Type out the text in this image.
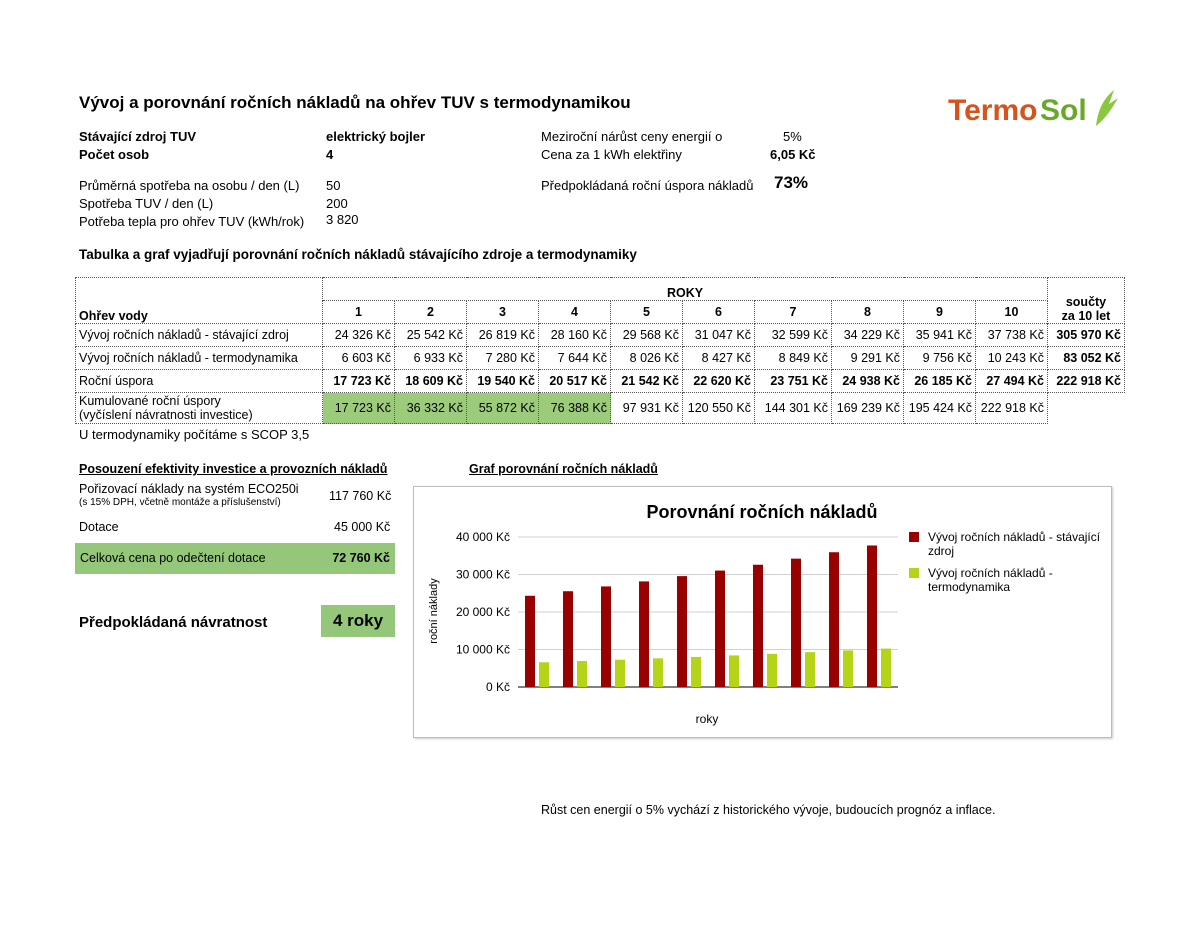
Vývoj a porovnání ročních nákladů na ohřev TUV s termodynamikou	Termo Sol
Stávající zdroj TUV	elektrický bojler
Počet osob	4
Průměrná spotřeba na osobu / den (L) 50
Spotřeba TUV / den (L)	200
Potřeba tepla pro ohřev TUV (kWh/rok) 3 820
Meziroční nárůst ceny energií o	5%
Cena za 1 kWh elektřiny	6,05 Kč
Předpokládaná roční úspora nákladů 73%
Tabulka a graf vyjadřují porovnání ročních nákladů stávajícího zdroje a termodynamiky
Ohřev vody	ROKY										součty
za 10 let

	1	2	3	4	5	6	7	8	9	10	
Vývoj ročních nákladů - stávající zdroj	24 326 Kč	25 542 Kč	26 819 Kč	28 160 Kč	29 568 Kč	31 047 Kč	32 599 Kč	34 229 Kč	35 941 Kč	37 738 Kč	305 970 Kč
Vývoj ročních nákladů - termodynamika	6 603 Kč	6 933 Kč	7 280 Kč	7 644 Kč	8 026 Kč	8 427 Kč	8 849 Kč	9 291 Kč	9 756 Kč	10 243 Kč	83 052 Kč
Roční úspora	17 723 Kč	18 609 Kč	19 540 Kč	20 517 Kč	21 542 Kč	22 620 Kč	23 751 Kč	24 938 Kč	26 185 Kč	27 494 Kč	222 918 Kč

Kumulované roční úspory
(vyčíslení návratnosti investice)	17 723 Kč	36 332 Kč	55 872 Kč	76 388 Kč	97 931 Kč	120 550 Kč	144 301 Kč	169 239 Kč	195 424 Kč	222 918 Kč	
U termodynamiky počítáme s SCOP 3,5
Posouzení efektivity investice a provozních nákladů
Pořizovací náklady na systém ECO250i
(s 15% DPH, včetně montáže a příslušenství)	117 760 Kč
Dotace	45 000 Kč
Celková cena po odečtení dotace	72 760 Kč
Předpokládaná návratnost	4 roky
Graf porovnání ročních nákladů
Porovnání ročních nákladů
0 Kč
10 000 Kč
20 000 Kč
30 000 Kč
40 000 Kč
roky
roční náklady
Vývoj ročních nákladů - stávající
zdroj
Vývoj ročních nákladů -
termodynamika
Růst cen energií o 5% vychází z historického vývoje, budoucích prognóz a inflace.
